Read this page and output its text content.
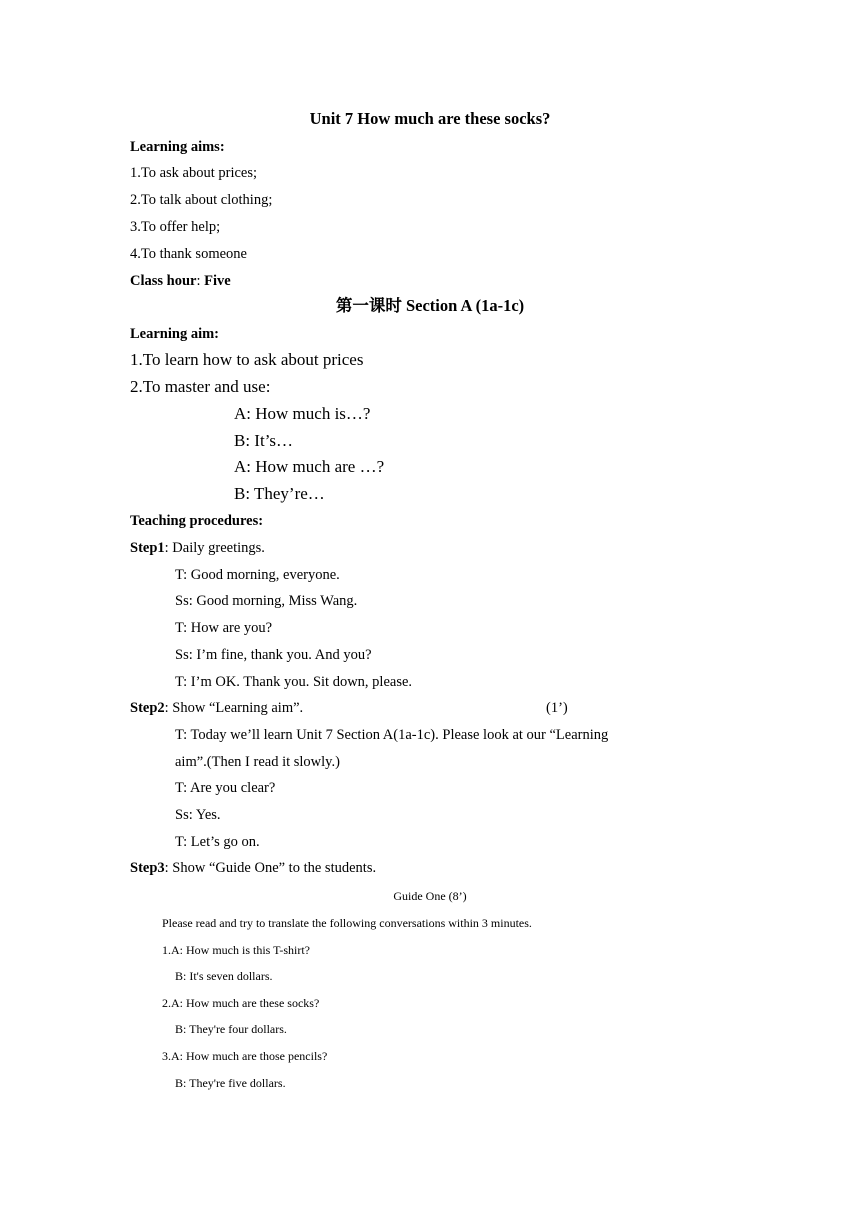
Unit 7 How much are these socks?
Learning aims:
1.To ask about prices;
2.To talk about clothing;
3.To offer help;
4.To thank someone
Class hour: Five
第一课时 Section A (1a-1c)
Learning aim:
1.To learn how to ask about prices
2.To master and use:
A: How much is…?
B: It’s…
A: How much are …?
B: They’re…
Teaching procedures:
Step1: Daily greetings.
T: Good morning, everyone.
Ss: Good morning, Miss Wang.
T: How are you?
Ss: I’m fine, thank you. And you?
T: I’m OK. Thank you. Sit down, please.
Step2: Show “Learning aim”.	(1’)
T: Today we’ll learn Unit 7 Section A(1a-1c). Please look at our “Learning
aim”.(Then I read it slowly.)
T: Are you clear?
Ss: Yes.
T: Let’s go on.
Step3: Show “Guide One” to the students.
Guide One (8’)
Please read and try to translate the following conversations within 3 minutes.
1.A: How much is this T-shirt?
B: It's seven dollars.
2.A: How much are these socks?
B: They're four dollars.
3.A: How much are those pencils?
B: They're five dollars.
